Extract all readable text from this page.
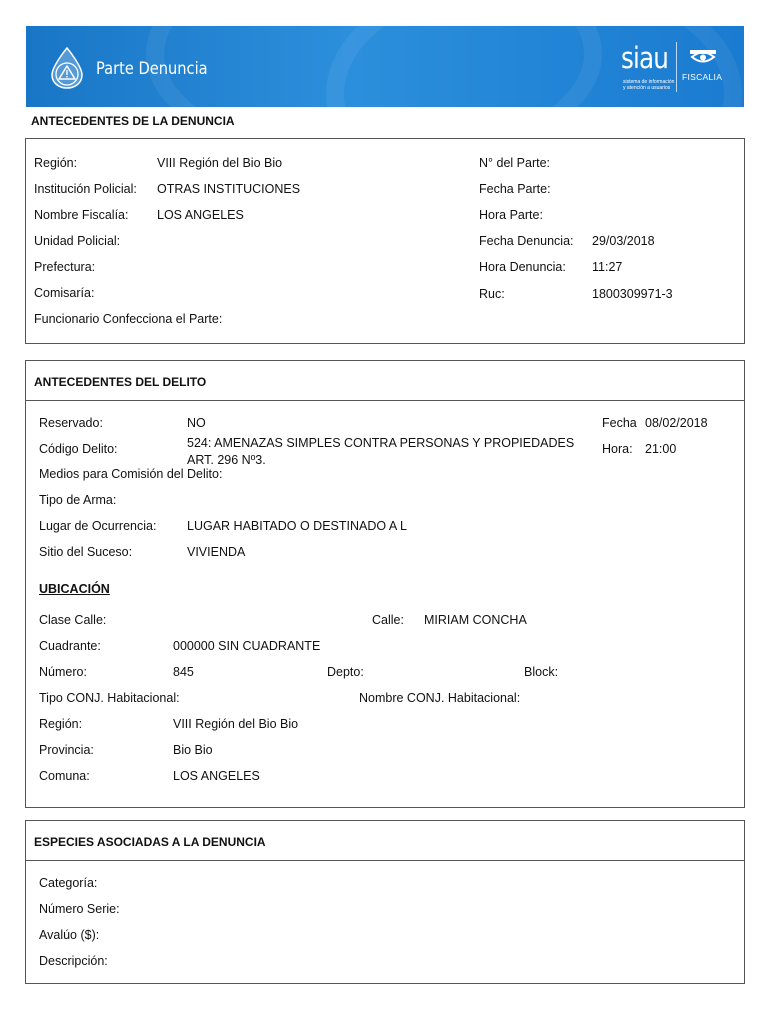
Parte Denuncia	siau
sistema de información
y atención a usuarios
FISCALIA
ANTECEDENTES DE LA DENUNCIA
Región:	VIII Región del Bio Bio
Institución Policial: OTRAS INSTITUCIONES
Nombre Fiscalía: LOS ANGELES
Unidad Policial:
Prefectura:
Comisaría:
Funcionario Confecciona el Parte:
N° del Parte:
Fecha Parte:
Hora Parte:
Fecha Denuncia: 29/03/2018
Hora Denuncia: 11:27
Ruc:	1800309971-3
ANTECEDENTES DEL DELITO
Reservado:	NO	Fecha 08/02/2018
Código Delito:	524: AMENAZAS SIMPLES CONTRA PERSONAS Y PROPIEDADES
ART. 296 Nº3.
Hora: 21:00
Medios para Comisión del Delito:
Tipo de Arma:
Lugar de Ocurrencia: LUGAR HABITADO O DESTINADO A L
Sitio del Suceso:	VIVIENDA
UBICACIÓN
Clase Calle:	Calle: MIRIAM CONCHA
Cuadrante:	000000 SIN CUADRANTE
Número:	845	Depto:	Block:
Tipo CONJ. Habitacional:	Nombre CONJ. Habitacional:
Región:	VIII Región del Bio Bio
Provincia:	Bio Bio
Comuna:	LOS ANGELES
ESPECIES ASOCIADAS A LA DENUNCIA
Categoría:
Número Serie:
Avalúo ($):
Descripción:
